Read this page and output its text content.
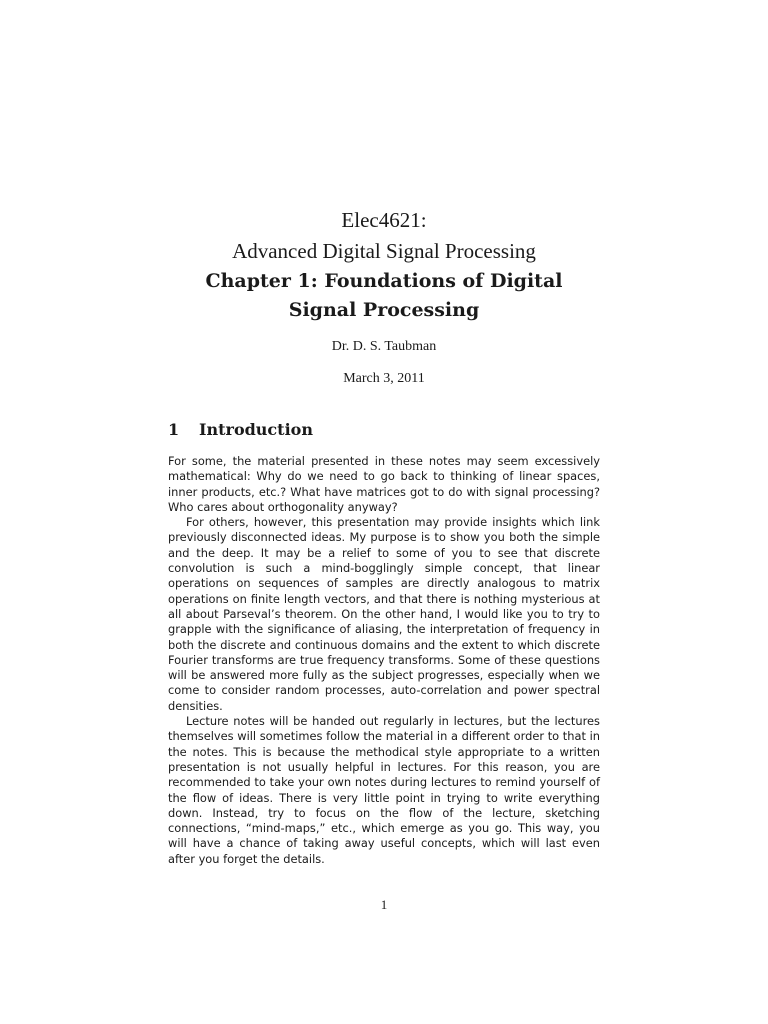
Elec4621:
Advanced Digital Signal Processing
Chapter 1: Foundations of Digital
Signal Processing
Dr. D. S. Taubman
March 3, 2011
1 Introduction

For some, the material presented in these notes may seem excessively mathematical: Why do we need to go back to thinking of linear spaces, inner products, etc.? What have matrices got to do with signal processing? Who cares about orthogonality anyway?

For others, however, this presentation may provide insights which link previously disconnected ideas. My purpose is to show you both the simple and the deep. It may be a relief to some of you to see that discrete convolution is such a mind-bogglingly simple concept, that linear operations on sequences of samples are directly analogous to matrix operations on finite length vectors, and that there is nothing mysterious at all about Parseval’s theorem. On the other hand, I would like you to try to grapple with the significance of aliasing, the interpretation of frequency in both the discrete and continuous domains and the extent to which discrete Fourier transforms are true frequency transforms. Some of these questions will be answered more fully as the subject progresses, especially when we come to consider random processes, auto-correlation and power spectral densities.

Lecture notes will be handed out regularly in lectures, but the lectures themselves will sometimes follow the material in a different order to that in the notes. This is because the methodical style appropriate to a written presentation is not usually helpful in lectures. For this reason, you are recommended to take your own notes during lectures to remind yourself of the flow of ideas. There is very little point in trying to write everything down. Instead, try to focus on the flow of the lecture, sketching connections, “mind-maps,” etc., which emerge as you go. This way, you will have a chance of taking away useful concepts, which will last even after you forget the details.

1
